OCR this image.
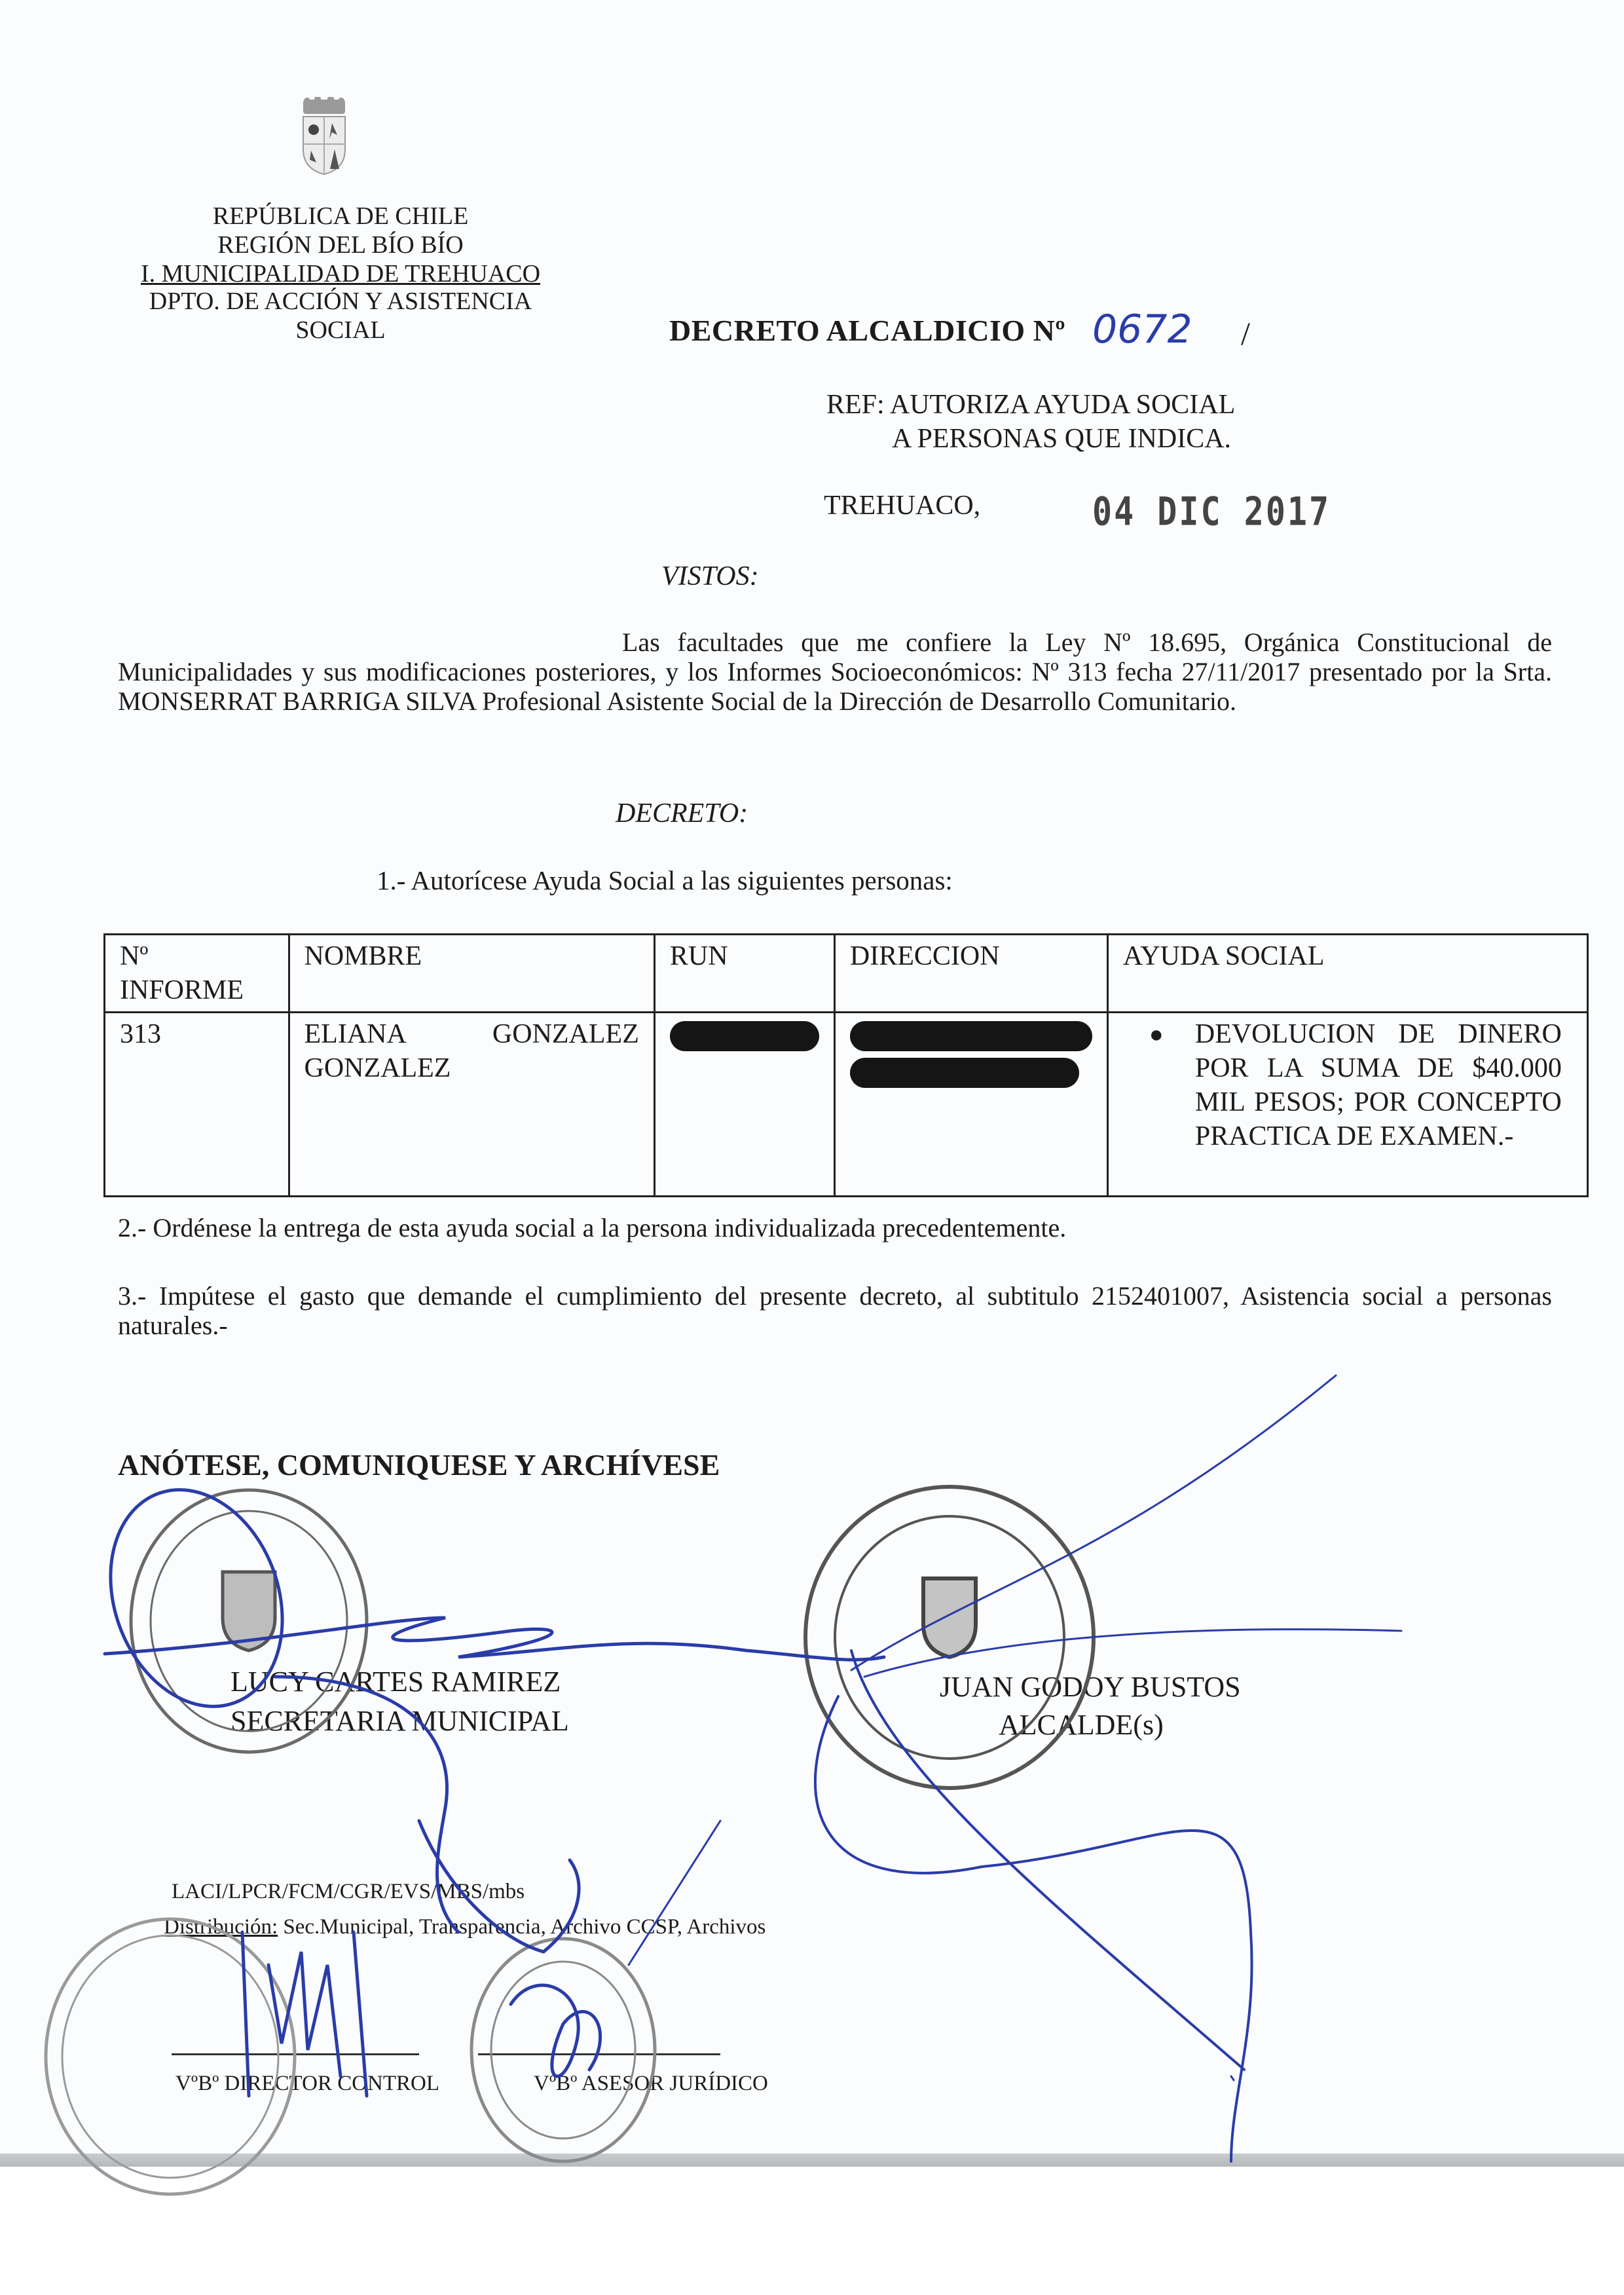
REPÚBLICA DE CHILE
REGIÓN DEL BÍO BÍO
I. MUNICIPALIDAD DE TREHUACO
DPTO. DE ACCIÓN Y ASISTENCIA SOCIAL	DECRETO ALCALDICIO Nº 0672 /
REF: AUTORIZA AYUDA SOCIAL
A PERSONAS QUE INDICA.
TREHUACO,	04 DIC 2017
VISTOS:
Las facultades que me confiere la Ley Nº 18.695, Orgánica Constitucional de Municipalidades y sus modificaciones posteriores, y los Informes Socioeconómicos: Nº 313 fecha 27/11/2017 presentado por la Srta. MONSERRAT BARRIGA SILVA Profesional Asistente Social de la Dirección de Desarrollo Comunitario.
DECRETO:
1.- Autorícese Ayuda Social a las siguientes personas:
Nº INFORME	NOMBRE	RUN	DIRECCION	AYUDA SOCIAL
313	ELIANA GONZALEZ GONZALEZ			● DEVOLUCION DE DINERO POR LA SUMA DE $40.000 MIL PESOS; POR CONCEPTO PRACTICA DE EXAMEN.-
2.- Ordénese la entrega de esta ayuda social a la persona individualizada precedentemente.
3.- Impútese el gasto que demande el cumplimiento del presente decreto, al subtitulo 2152401007, Asistencia social a personas naturales.-
ANÓTESE, COMUNIQUESE Y ARCHÍVESE
LUCY CARTES RAMIREZ
SECRETARIA MUNICIPAL
JUAN GODOY BUSTOS
ALCALDE(s)
LACI/LPCR/FCM/CGR/EVS/MBS/mbs
Distribución: Sec.Municipal, Transparencia, Archivo CCSP, Archivos
VºBº DIRECTOR CONTROL	VºBº ASESOR JURÍDICO
